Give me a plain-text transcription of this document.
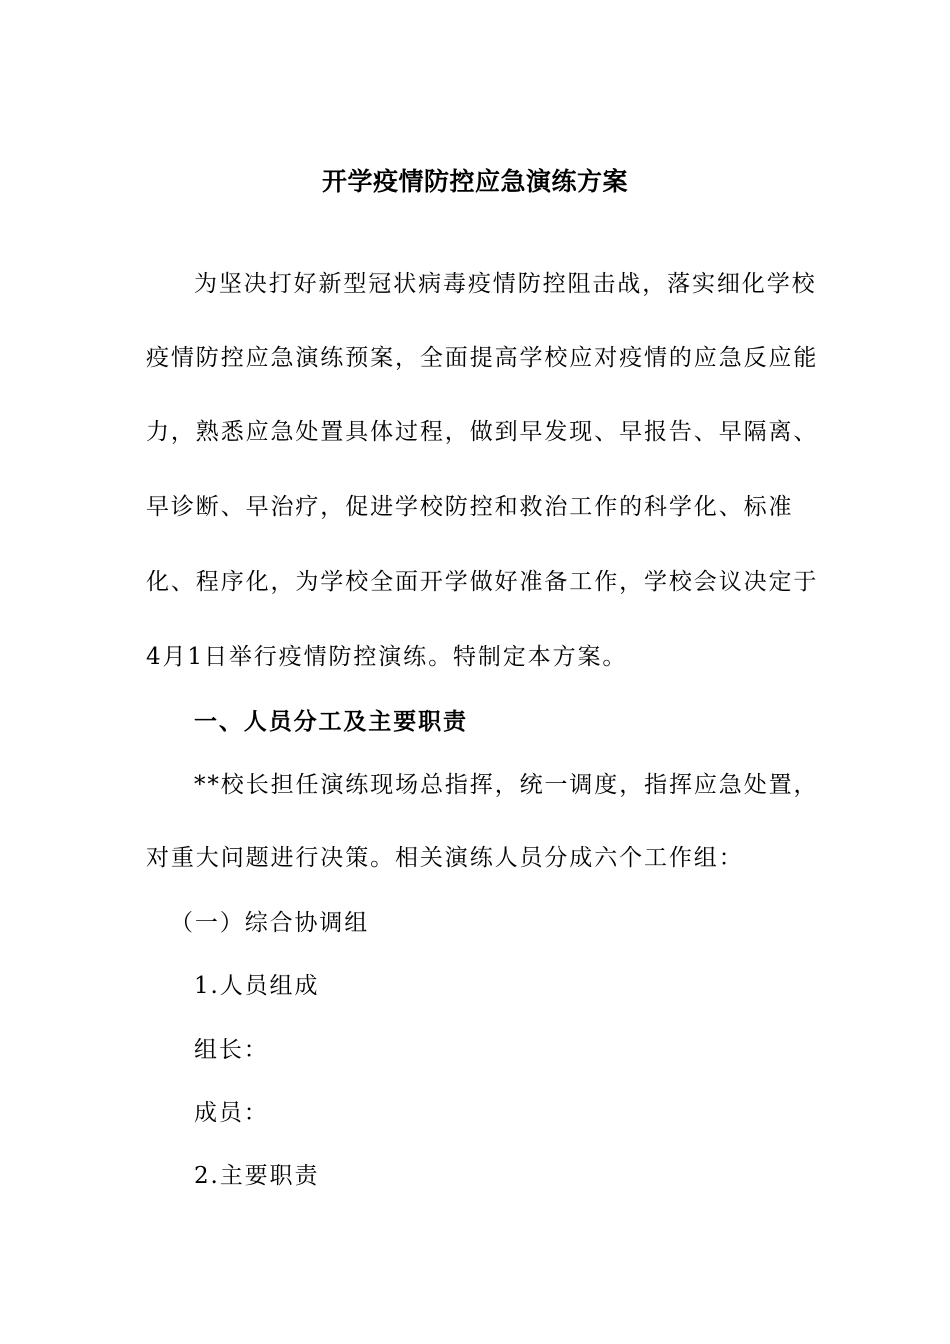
开学疫情防控应急演练方案
为坚决打好新型冠状病毒疫情防控阻击战，落实细化学校
疫情防控应急演练预案，全面提高学校应对疫情的应急反应能
力，熟悉应急处置具体过程，做到早发现、早报告、早隔离、
早诊断、早治疗，促进学校防控和救治工作的科学化、标准
化、程序化，为学校全面开学做好准备工作，学校会议决定于
4月1日举行疫情防控演练。特制定本方案。
一、人员分工及主要职责
**校长担任演练现场总指挥，统一调度，指挥应急处置，
对重大问题进行决策。相关演练人员分成六个工作组：
（一）综合协调组
1.人员组成
组长：
成员：
2.主要职责
